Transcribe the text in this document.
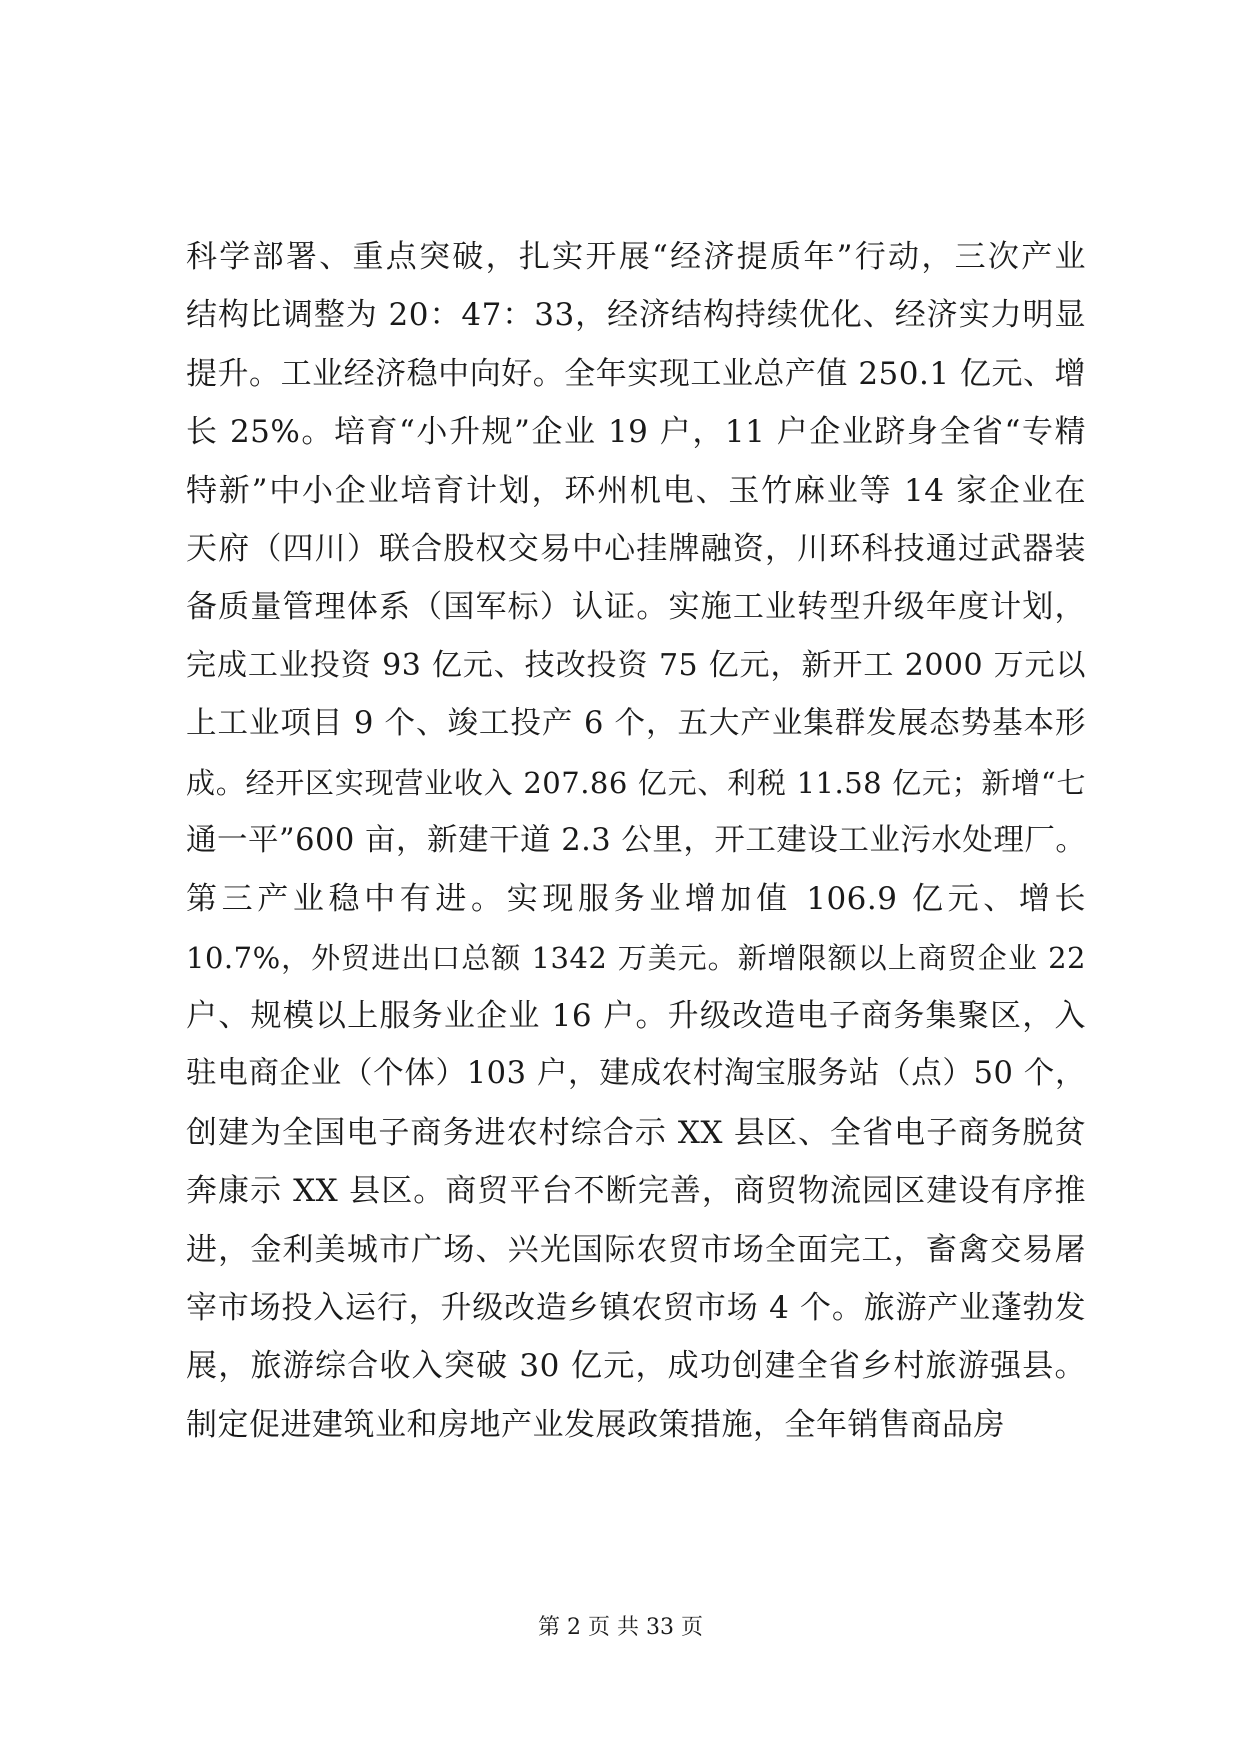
科学部署、重点突破，扎实开展“经济提质年”行动，三次产业
结构比调整为 20：47：33，经济结构持续优化、经济实力明显
提升。工业经济稳中向好。全年实现工业总产值 250.1 亿元、增
长 25%。培育“小升规”企业 19 户，11 户企业跻身全省“专精
特新”中小企业培育计划，环州机电、玉竹麻业等 14 家企业在
天府（四川）联合股权交易中心挂牌融资，川环科技通过武器装
备质量管理体系（国军标）认证。实施工业转型升级年度计划，
完成工业投资 93 亿元、技改投资 75 亿元，新开工 2000 万元以
上工业项目 9 个、竣工投产 6 个，五大产业集群发展态势基本形
成。经开区实现营业收入 207.86 亿元、利税 11.58 亿元；新增“七
通一平”600 亩，新建干道 2.3 公里，开工建设工业污水处理厂。
第三产业稳中有进。实现服务业增加值 106.9 亿元、增长
10.7%，外贸进出口总额 1342 万美元。新增限额以上商贸企业 22
户、规模以上服务业企业 16 户。升级改造电子商务集聚区，入
驻电商企业（个体）103 户，建成农村淘宝服务站（点）50 个，
创建为全国电子商务进农村综合示 XX 县区、全省电子商务脱贫
奔康示 XX 县区。商贸平台不断完善，商贸物流园区建设有序推
进，金利美城市广场、兴光国际农贸市场全面完工，畜禽交易屠
宰市场投入运行，升级改造乡镇农贸市场 4 个。旅游产业蓬勃发
展，旅游综合收入突破 30 亿元，成功创建全省乡村旅游强县。
制定促进建筑业和房地产业发展政策措施，全年销售商品房
第 2 页 共 33 页
